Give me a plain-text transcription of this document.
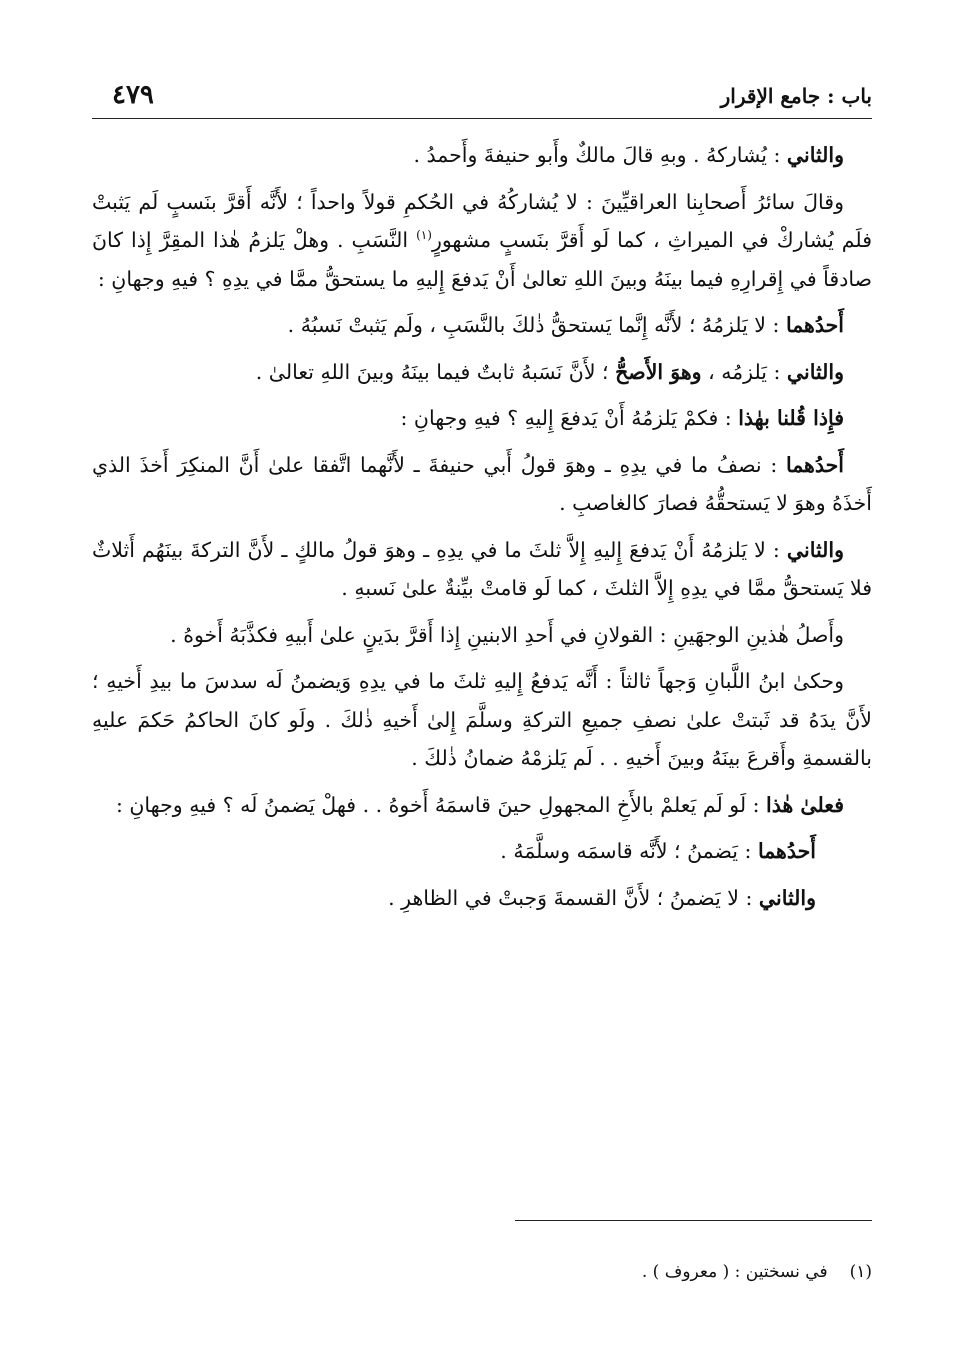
باب : جامع الإقرار
٤٧٩

والثاني : يُشاركهُ . وبهِ قالَ مالكٌ وأَبو حنيفةَ وأَحمدُ .

وقالَ سائرُ أَصحابِنا العراقيِّينَ : لا يُشاركُهُ في الحُكمِ قولاً واحداً ؛ لأَنَّه أَقرَّ بنَسبٍ لَم يَثبتْ فلَم يُشاركْ في الميراثِ ، كما لَو أَقرَّ بنَسبٍ مشهورٍ$^{(١)}$ النَّسَبِ . وهلْ يَلزمُ هٰذا المقِرَّ إِذا كانَ صادقاً في إِقرارِهِ فيما بينَهُ وبينَ اللهِ تعالىٰ أَنْ يَدفعَ إِليهِ ما يستحقُّ ممَّا في يدِهِ ؟ فيهِ وجهانِ :

أَحدُهما : لا يَلزمُهُ ؛ لأَنَّه إِنَّما يَستحقُّ ذٰلكَ بالنَّسَبِ ، ولَم يَثبتْ نَسبُهُ .

والثاني : يَلزمُه ، وهوَ الأَصحُّ ؛ لأَنَّ نَسَبهُ ثابتٌ فيما بينَهُ وبينَ اللهِ تعالىٰ .

فإِذا قُلنا بهٰذا : فكمْ يَلزمُهُ أَنْ يَدفعَ إِليهِ ؟ فيهِ وجهانِ :

أَحدُهما : نصفُ ما في يدِهِ ـ وهوَ قولُ أَبي حنيفةَ ـ لأَنَّهما اتَّفقا علىٰ أَنَّ المنكِرَ أَخذَ الذي أَخذَهُ وهوَ لا يَستحقُّهُ فصارَ كالغاصبِ .

والثاني : لا يَلزمُهُ أَنْ يَدفعَ إِليهِ إِلاَّ ثلثَ ما في يدِهِ ـ وهوَ قولُ مالكٍ ـ لأَنَّ التركةَ بينَهُم أَثلاثٌ فلا يَستحقُّ ممَّا في يدِهِ إِلاَّ الثلثَ ، كما لَو قامتْ بيِّنةٌ علىٰ نَسبهِ .

وأَصلُ هٰذينِ الوجهَينِ : القولانِ في أَحدِ الابنينِ إِذا أَقرَّ بدَينٍ علىٰ أَبيهِ فكذَّبَهُ أَخوهُ .

وحكىٰ ابنُ اللَّبانِ وَجهاً ثالثاً : أَنَّه يَدفعُ إِليهِ ثلثَ ما في يدِهِ وَيضمنُ لَه سدسَ ما بيدِ أَخيهِ ؛ لأَنَّ يدَهُ قد ثَبتتْ علىٰ نصفِ جميعِ التركةِ وسلَّمَ إِلىٰ أَخيهِ ذٰلكَ . ولَو كانَ الحاكمُ حَكمَ عليهِ بالقسمةِ وأَقرعَ بينَهُ وبينَ أَخيهِ . . لَم يَلزمْهُ ضمانُ ذٰلكَ .

فعلىٰ هٰذا : لَو لَم يَعلمْ بالأَخِ المجهولِ حينَ قاسمَهُ أَخوهُ . . فهلْ يَضمنُ لَه ؟ فيهِ وجهانِ :

أَحدُهما : يَضمنُ ؛ لأَنَّه قاسمَه وسلَّمَهُ .

والثاني : لا يَضمنُ ؛ لأَنَّ القسمةَ وَجبتْ في الظاهرِ .

(١)في نسختين : ( معروف ) .
